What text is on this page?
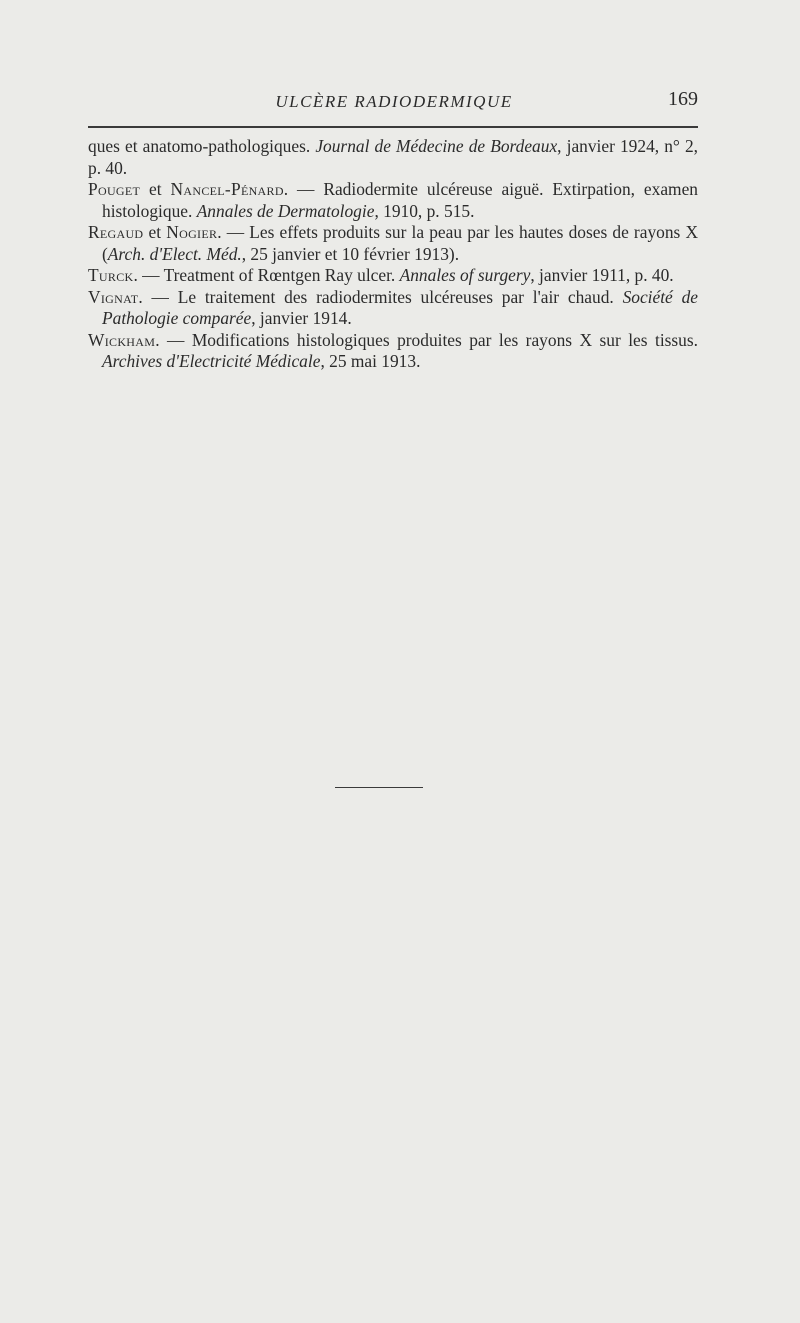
ULCÈRE RADIODERMIQUE	169

ques et anatomo-pathologiques. Journal de Médecine de Bordeaux, janvier 1924, n° 2, p. 40.

Pouget et Nancel-Pénard. — Radiodermite ulcéreuse aiguë. Extirpation, examen histologique. Annales de Dermatologie, 1910, p. 515.

Regaud et Nogier. — Les effets produits sur la peau par les hautes doses de rayons X (Arch. d'Elect. Méd., 25 janvier et 10 février 1913).

Turck. — Treatment of Rœntgen Ray ulcer. Annales of surgery, janvier 1911, p. 40.

Vignat. — Le traitement des radiodermites ulcéreuses par l'air chaud. Société de Pathologie comparée, janvier 1914.

Wickham. — Modifications histologiques produites par les rayons X sur les tissus. Archives d'Electricité Médicale, 25 mai 1913.
